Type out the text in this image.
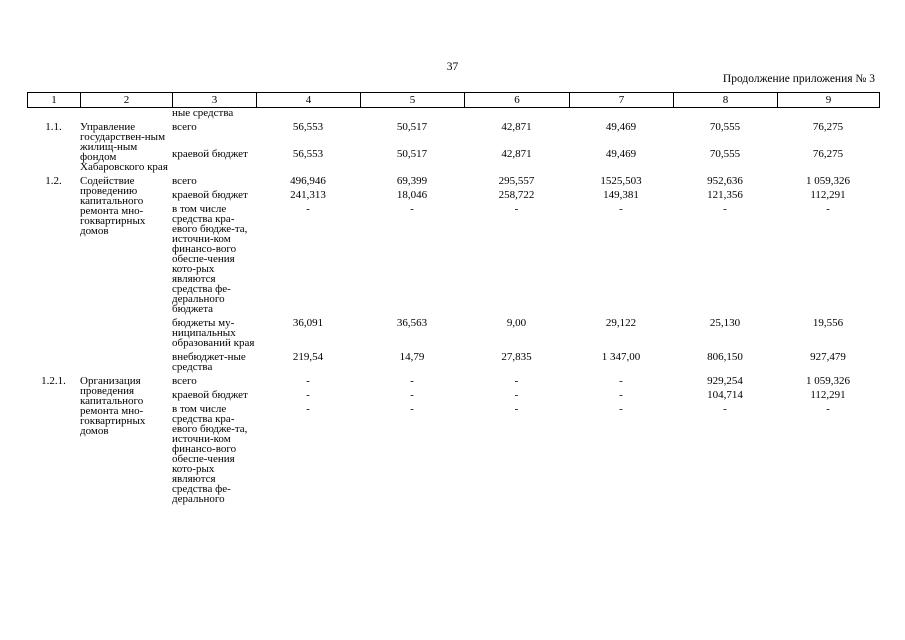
37
Продолжение приложения № 3
1	2	3	4	5	6	7	8	9
		ные средства						

1.1.	Управление государствен-ным жилищ-ным фондом Хабаровского края	всего	56,553	50,517	42,871	49,469	70,555	76,275

		краевой бюджет	56,553	50,517	42,871	49,469	70,555	76,275

1.2.	Содействие проведению капитального ремонта мно-гоквартирных домов	всего	496,946	69,399	295,557	1525,503	952,636	1 059,326

		краевой бюджет	241,313	18,046	258,722	149,381	121,356	112,291

		в том числе средства кра-евого бюдже-та, источни-ком финансо-вого обеспе-чения кото-рых являются средства фе-дерального бюджета	-	-	-	-	-	-

		бюджеты му-ниципальных образований края	36,091	36,563	9,00	29,122	25,130	19,556

		внебюджет-ные средства	219,54	14,79	27,835	1 347,00	806,150	927,479

1.2.1.	Организация проведения капитального ремонта мно-гоквартирных домов	всего	-	-	-	-	929,254	1 059,326

		краевой бюджет	-	-	-	-	104,714	112,291

		в том числе средства кра-евого бюдже-та, источни-ком финансо-вого обеспе-чения кото-рых являются средства фе-дерального	-	-	-	-	-	-
